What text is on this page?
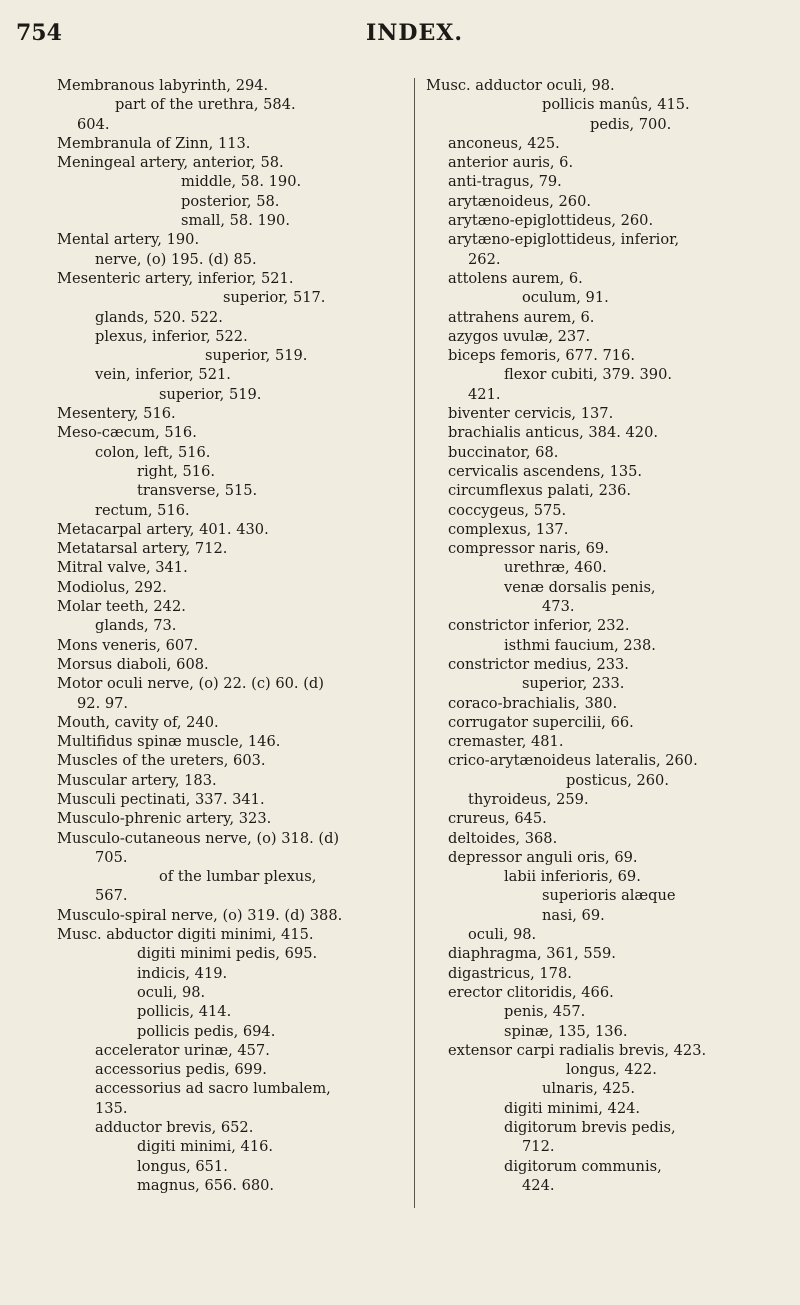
754	INDEX.
Membranous labyrinth, 294.
part of the urethra, 584.
604.
Membranula of Zinn, 113.
Meningeal artery, anterior, 58.
middle, 58. 190.
posterior, 58.
small, 58. 190.
Mental artery, 190.
nerve, (o) 195. (d) 85.
Mesenteric artery, inferior, 521.
superior, 517.
glands, 520. 522.
plexus, inferior, 522.
superior, 519.
vein, inferior, 521.
superior, 519.
Mesentery, 516.
Meso-cæcum, 516.
colon, left, 516.
right, 516.
transverse, 515.
rectum, 516.
Metacarpal artery, 401. 430.
Metatarsal artery, 712.
Mitral valve, 341.
Modiolus, 292.
Molar teeth, 242.
glands, 73.
Mons veneris, 607.
Morsus diaboli, 608.
Motor oculi nerve, (o) 22. (c) 60. (d)
92. 97.
Mouth, cavity of, 240.
Multifidus spinæ muscle, 146.
Muscles of the ureters, 603.
Muscular artery, 183.
Musculi pectinati, 337. 341.
Musculo-phrenic artery, 323.
Musculo-cutaneous nerve, (o) 318. (d)
705.
of the lumbar plexus,
567.
Musculo-spiral nerve, (o) 319. (d) 388.
Musc. abductor digiti minimi, 415.
digiti minimi pedis, 695.
indicis, 419.
oculi, 98.
pollicis, 414.
pollicis pedis, 694.
accelerator urinæ, 457.
accessorius pedis, 699.
accessorius ad sacro lumbalem,
135.
adductor brevis, 652.
digiti minimi, 416.
longus, 651.
magnus, 656. 680.
Musc. adductor oculi, 98.
pollicis manûs, 415.
pedis, 700.
anconeus, 425.
anterior auris, 6.
anti-tragus, 79.
arytænoideus, 260.
arytæno-epiglottideus, 260.
arytæno-epiglottideus, inferior,
262.
attolens aurem, 6.
oculum, 91.
attrahens aurem, 6.
azygos uvulæ, 237.
biceps femoris, 677. 716.
flexor cubiti, 379. 390.
421.
biventer cervicis, 137.
brachialis anticus, 384. 420.
buccinator, 68.
cervicalis ascendens, 135.
circumflexus palati, 236.
coccygeus, 575.
complexus, 137.
compressor naris, 69.
urethræ, 460.
venæ dorsalis penis,
473.
constrictor inferior, 232.
isthmi faucium, 238.
constrictor medius, 233.
superior, 233.
coraco-brachialis, 380.
corrugator supercilii, 66.
cremaster, 481.
crico-arytænoideus lateralis, 260.
posticus, 260.
thyroideus, 259.
crureus, 645.
deltoides, 368.
depressor anguli oris, 69.
labii inferioris, 69.
superioris alæque
nasi, 69.
oculi, 98.
diaphragma, 361, 559.
digastricus, 178.
erector clitoridis, 466.
penis, 457.
spinæ, 135, 136.
extensor carpi radialis brevis, 423.
longus, 422.
ulnaris, 425.
digiti minimi, 424.
digitorum brevis pedis,
712.
digitorum communis,
424.
